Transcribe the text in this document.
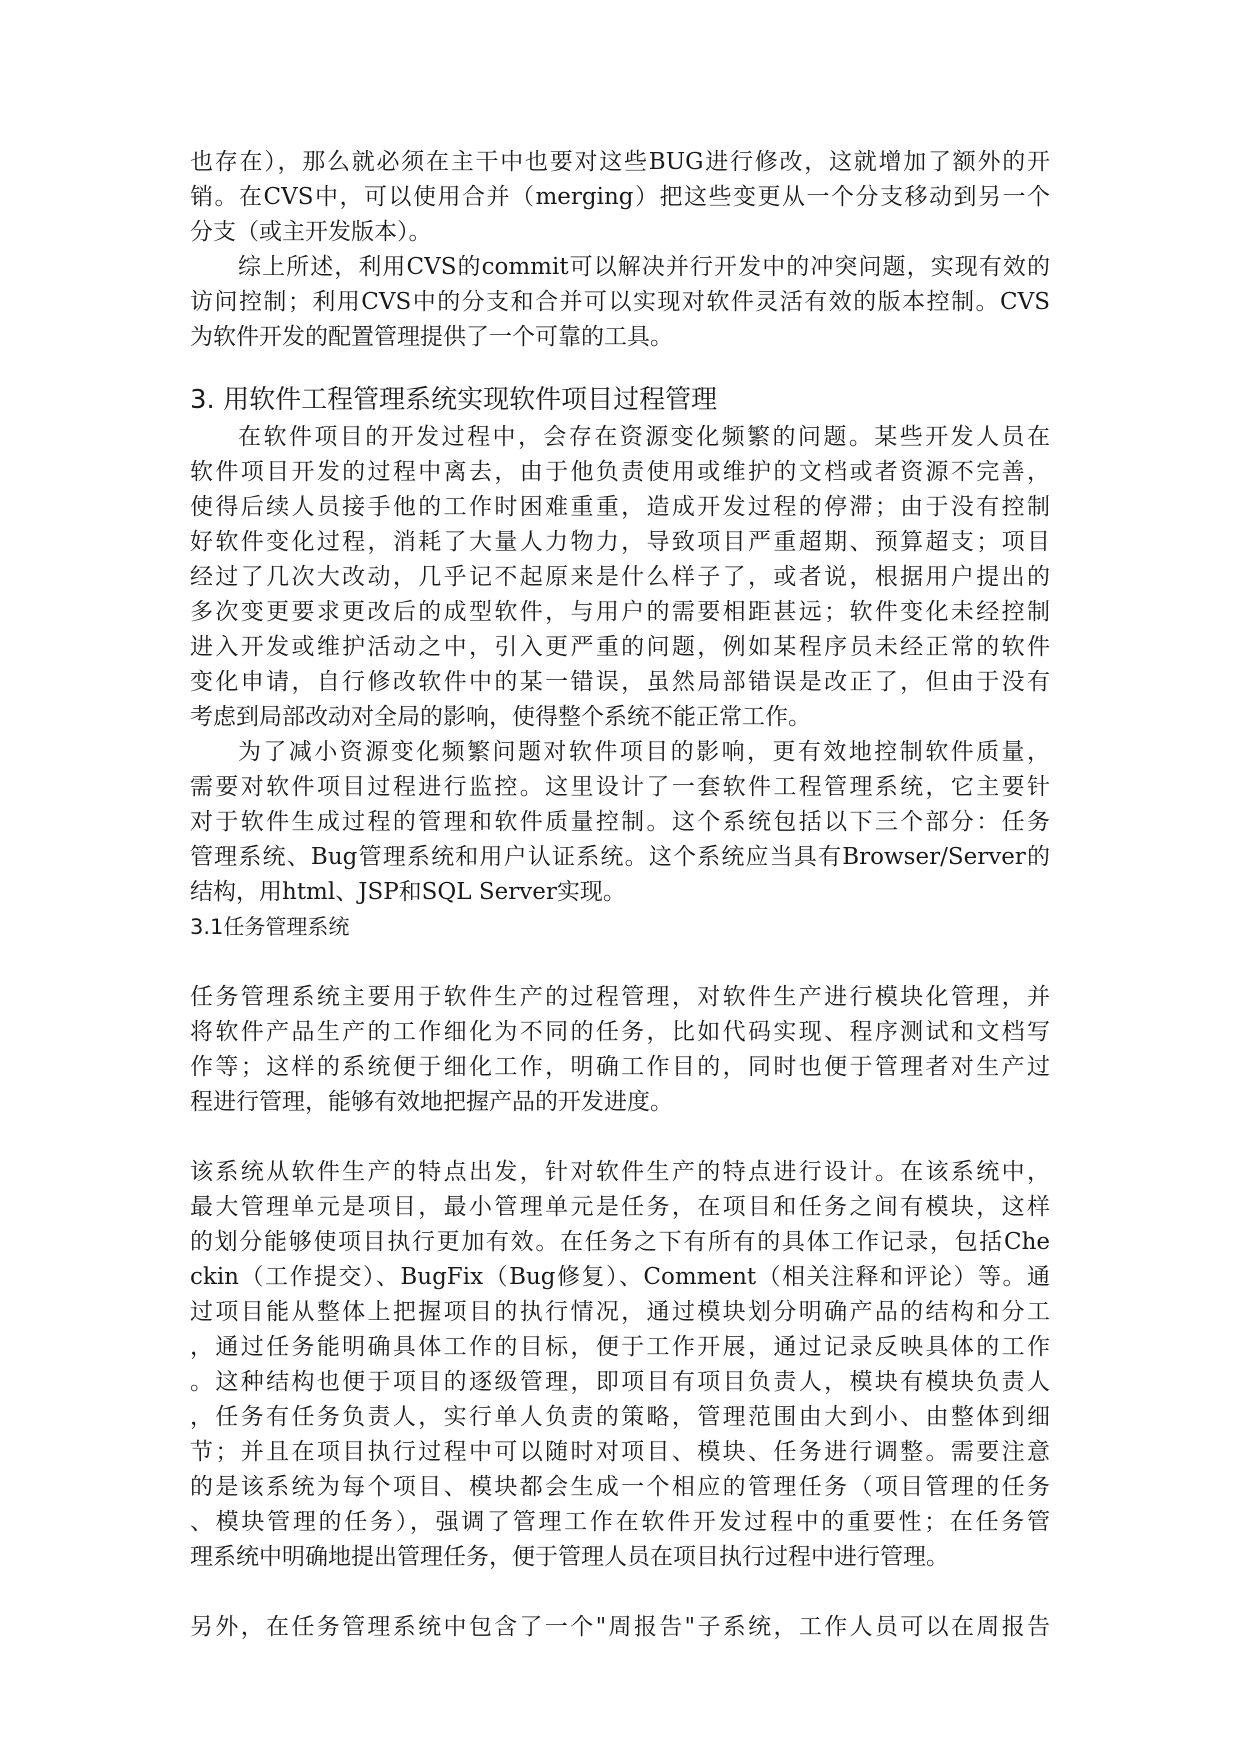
也存在），那么就必须在主干中也要对这些BUG进行修改，这就增加了额外的开
销。在CVS中，可以使用合并（merging）把这些变更从一个分支移动到另一个
分支（或主开发版本）。
综上所述，利用CVS的commit可以解决并行开发中的冲突问题，实现有效的
访问控制；利用CVS中的分支和合并可以实现对软件灵活有效的版本控制。CVS
为软件开发的配置管理提供了一个可靠的工具。
3. 用软件工程管理系统实现软件项目过程管理
在软件项目的开发过程中，会存在资源变化频繁的问题。某些开发人员在
软件项目开发的过程中离去，由于他负责使用或维护的文档或者资源不完善，
使得后续人员接手他的工作时困难重重，造成开发过程的停滞；由于没有控制
好软件变化过程，消耗了大量人力物力，导致项目严重超期、预算超支；项目
经过了几次大改动，几乎记不起原来是什么样子了，或者说，根据用户提出的
多次变更要求更改后的成型软件，与用户的需要相距甚远；软件变化未经控制
进入开发或维护活动之中，引入更严重的问题，例如某程序员未经正常的软件
变化申请，自行修改软件中的某一错误，虽然局部错误是改正了，但由于没有
考虑到局部改动对全局的影响，使得整个系统不能正常工作。
为了减小资源变化频繁问题对软件项目的影响，更有效地控制软件质量，
需要对软件项目过程进行监控。这里设计了一套软件工程管理系统，它主要针
对于软件生成过程的管理和软件质量控制。这个系统包括以下三个部分：任务
管理系统、Bug管理系统和用户认证系统。这个系统应当具有Browser/Server的
结构，用html、JSP和SQL Server实现。
3.1任务管理系统
任务管理系统主要用于软件生产的过程管理，对软件生产进行模块化管理，并
将软件产品生产的工作细化为不同的任务，比如代码实现、程序测试和文档写
作等；这样的系统便于细化工作，明确工作目的，同时也便于管理者对生产过
程进行管理，能够有效地把握产品的开发进度。
该系统从软件生产的特点出发，针对软件生产的特点进行设计。在该系统中，
最大管理单元是项目，最小管理单元是任务，在项目和任务之间有模块，这样
的划分能够使项目执行更加有效。在任务之下有所有的具体工作记录，包括Che
ckin（工作提交）、BugFix（Bug修复）、Comment（相关注释和评论）等。通
过项目能从整体上把握项目的执行情况，通过模块划分明确产品的结构和分工
，通过任务能明确具体工作的目标，便于工作开展，通过记录反映具体的工作
。这种结构也便于项目的逐级管理，即项目有项目负责人，模块有模块负责人
，任务有任务负责人，实行单人负责的策略，管理范围由大到小、由整体到细
节；并且在项目执行过程中可以随时对项目、模块、任务进行调整。需要注意
的是该系统为每个项目、模块都会生成一个相应的管理任务（项目管理的任务
、模块管理的任务），强调了管理工作在软件开发过程中的重要性；在任务管
理系统中明确地提出管理任务，便于管理人员在项目执行过程中进行管理。
另外，在任务管理系统中包含了一个"周报告"子系统，工作人员可以在周报告
